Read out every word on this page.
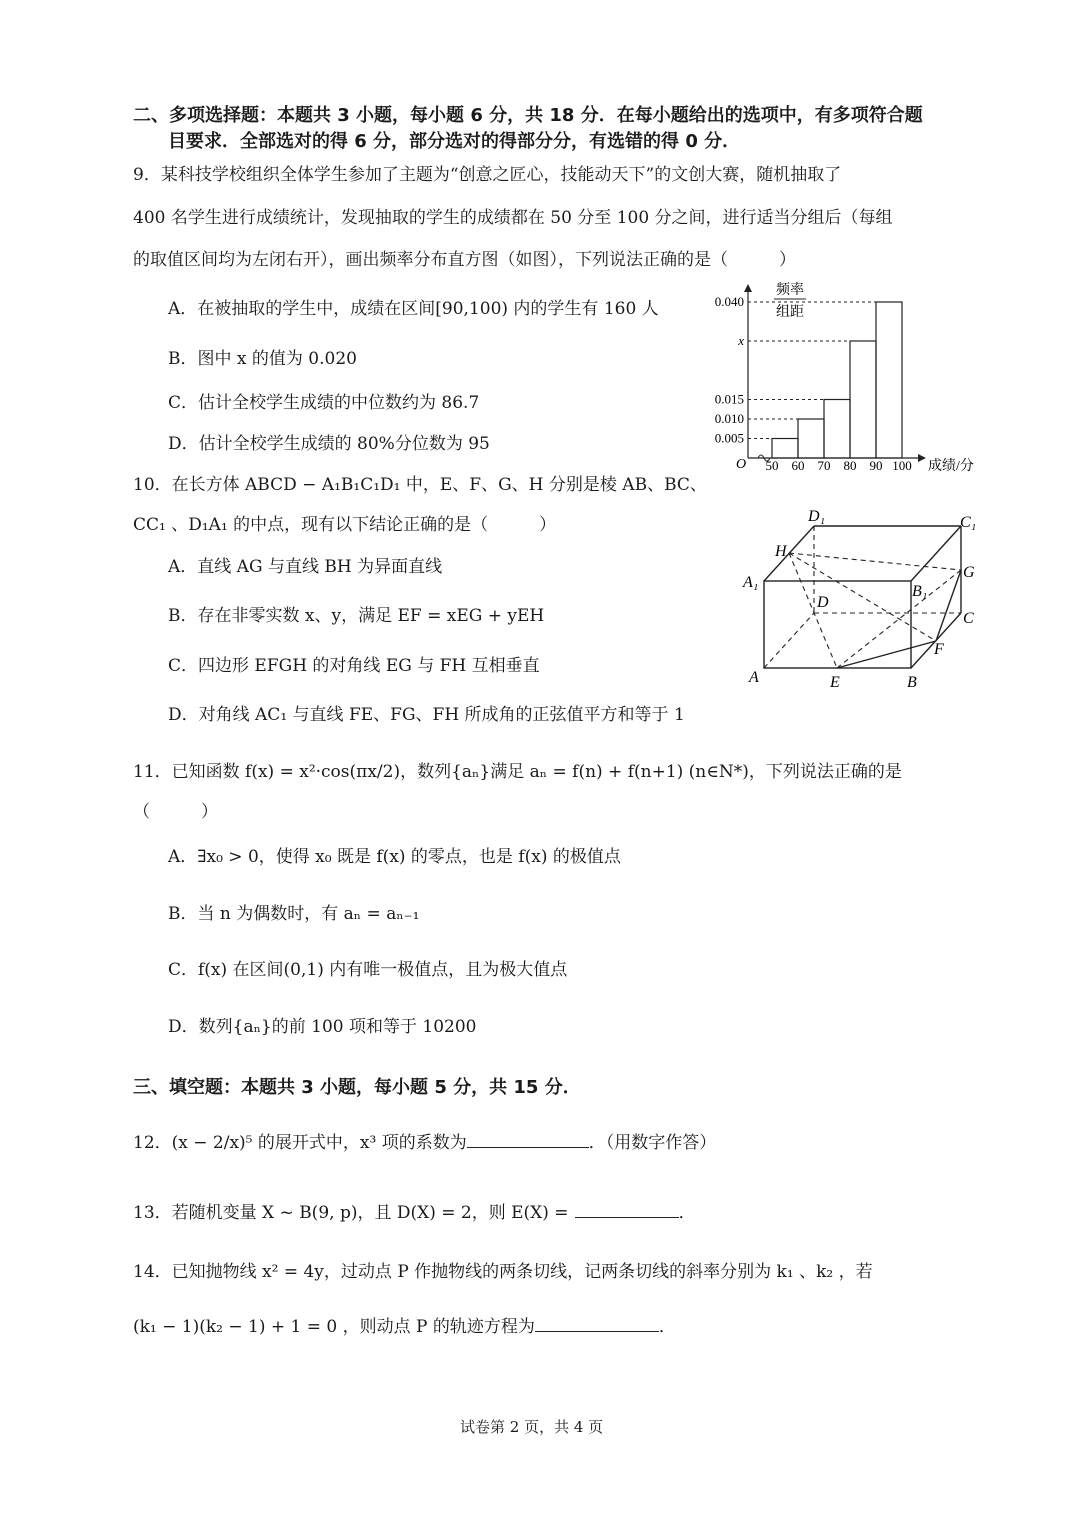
二、多项选择题：本题共 3 小题，每小题 6 分，共 18 分．在每小题给出的选项中，有多项符合题
目要求．全部选对的得 6 分，部分选对的得部分分，有选错的得 0 分．
9．某科技学校组织全体学生参加了主题为“创意之匠心，技能动天下”的文创大赛，随机抽取了
400 名学生进行成绩统计，发现抽取的学生的成绩都在 50 分至 100 分之间，进行适当分组后（每组
的取值区间均为左闭右开），画出频率分布直方图（如图），下列说法正确的是（　　　）
A．在被抽取的学生中，成绩在区间[90,100) 内的学生有 160 人
B．图中 x 的值为 0.020
C．估计全校学生成绩的中位数约为 86.7
D．估计全校学生成绩的 80%分位数为 95	0.005
0.010
0.015
x
0.040
50 60 70 80 90 100
频率
组距
成绩/分
O
10．在长方体 ABCD − A₁B₁C₁D₁ 中，E、F、G、H 分别是棱 AB、BC、
CC₁ 、D₁A₁ 的中点，现有以下结论正确的是（　　　）
A．直线 AG 与直线 BH 为异面直线
B．存在非零实数 x、y，满足 EF = xEG + yEH
C．四边形 EFGH 的对角线 EG 与 FH 互相垂直
D．对角线 AC₁ 与直线 FE、FG、FH 所成角的正弦值平方和等于 1
A	B
C
D
A₁
B₁
C₁
D₁
E
F
G
H
11．已知函数 f(x) = x²·cos(πx/2)，数列{aₙ}满足 aₙ = f(n) + f(n+1) (n∈N*)，下列说法正确的是
（　　　）
A．∃x₀ > 0，使得 x₀ 既是 f(x) 的零点，也是 f(x) 的极值点
B．当 n 为偶数时，有 aₙ = aₙ₋₁
C．f(x) 在区间(0,1) 内有唯一极值点，且为极大值点
D．数列{aₙ}的前 100 项和等于 10200
三、填空题：本题共 3 小题，每小题 5 分，共 15 分．
12．(x − 2/x)⁵ 的展开式中，x³ 项的系数为	．（用数字作答）
13．若随机变量 X ~ B(9, p)，且 D(X) = 2，则 E(X) =	．
14．已知抛物线 x² = 4y，过动点 P 作抛物线的两条切线，记两条切线的斜率分别为 k₁ 、k₂ ，若
(k₁ − 1)(k₂ − 1) + 1 = 0 ，则动点 P 的轨迹方程为	．
试卷第 2 页，共 4 页
